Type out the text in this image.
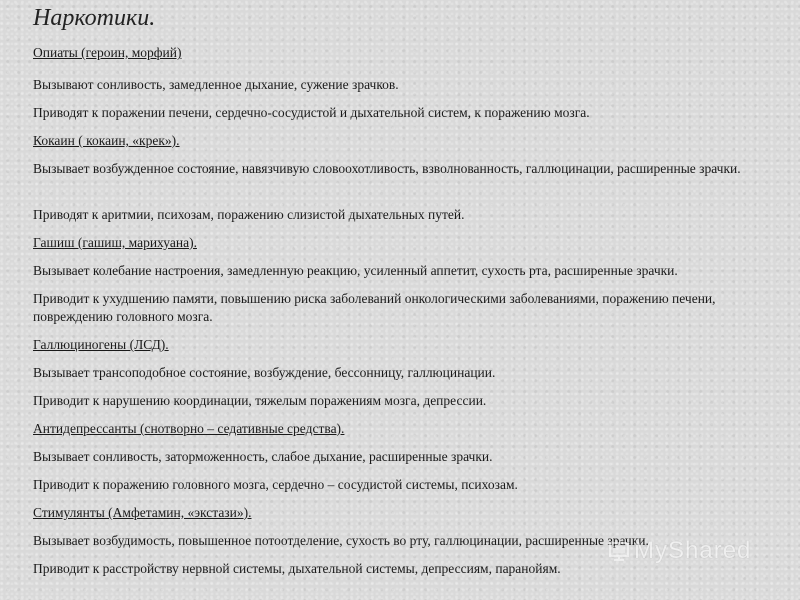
Наркотики.

Опиаты (героин, морфий)

Вызывают сонливость, замедленное дыхание, сужение зрачков.

Приводят к поражении печени, сердечно-сосудистой и дыхательной систем, к поражению мозга.

Кокаин ( кокаин, «крек»).

Вызывает возбужденное состояние, навязчивую словоохотливость, взволнованность, галлюцинации, расширенные зрачки.

Приводят к аритмии, психозам, поражению слизистой дыхательных путей.

Гашиш (гашиш, марихуана).

Вызывает колебание настроения, замедленную реакцию, усиленный аппетит, сухость рта, расширенные зрачки.

Приводит к ухудшению памяти, повышению риска заболеваний онкологическими заболеваниями, поражению печени, повреждению головного мозга.

Галлюциногены (ЛСД).

Вызывает трансоподобное состояние, возбуждение, бессонницу, галлюцинации.

Приводит к нарушению координации, тяжелым поражениям мозга, депрессии.

Антидепрессанты (снотворно – седативные средства).

Вызывает сонливость, заторможенность, слабое дыхание, расширенные зрачки.

Приводит к поражению головного мозга, сердечно – сосудистой системы, психозам.

Стимулянты (Амфетамин, «экстази»).

Вызывает возбудимость, повышенное потоотделение, сухость во рту, галлюцинации, расширенные зрачки.

Приводит к расстройству нервной системы, дыхательной системы, депрессиям, паранойям.

MyShared
